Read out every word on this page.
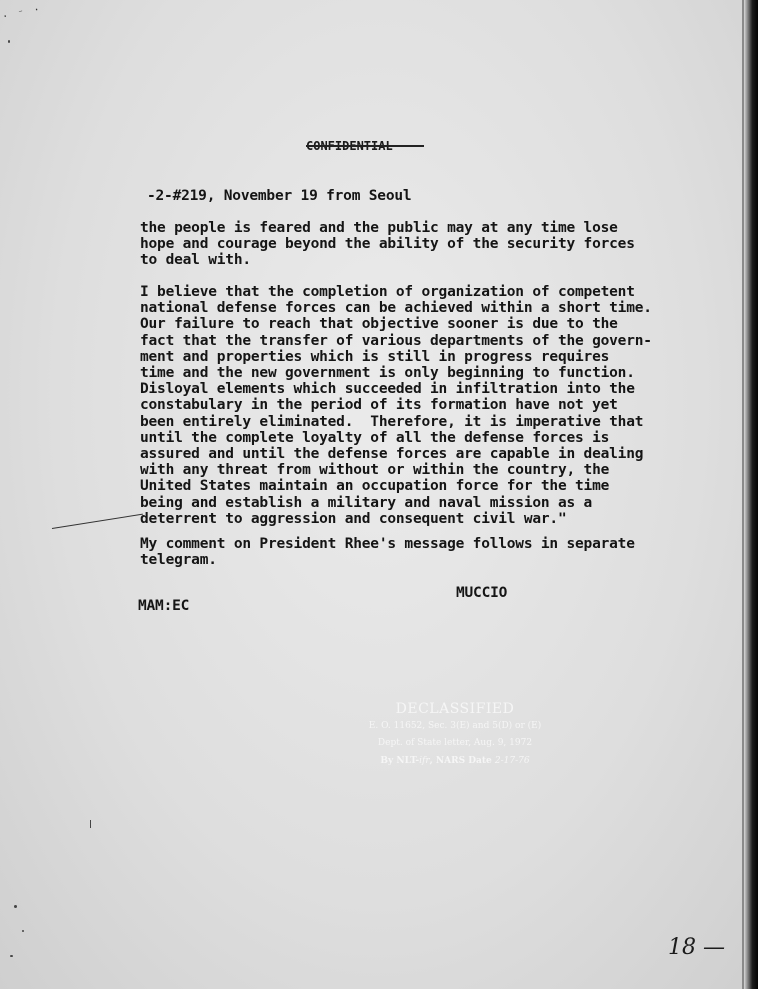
· ⁻ ·
-2-#219, November 19 from Seoul
the people is feared and the public may at any time lose
hope and courage beyond the ability of the security forces
to deal with.
I believe that the completion of organization of competent
national defense forces can be achieved within a short time.
Our failure to reach that objective sooner is due to the
fact that the transfer of various departments of the govern-
ment and properties which is still in progress requires
time and the new government is only beginning to function.
Disloyal elements which succeeded in infiltration into the
constabulary in the period of its formation have not yet
been entirely eliminated.  Therefore, it is imperative that
until the complete loyalty of all the defense forces is
assured and until the defense forces are capable in dealing
with any threat from without or within the country, the
United States maintain an occupation force for the time
being and establish a military and naval mission as a
deterrent to aggression and consequent civil war."
My comment on President Rhee's message follows in separate
telegram.
MUCCIO
MAM:EC
DECLASSIFIED
E. O. 11652, Sec. 3(E) and 5(D) or (E)
Dept. of State letter, Aug. 9, 1972
By NLT-ifr, NARS Date 2-17-76
18 —
